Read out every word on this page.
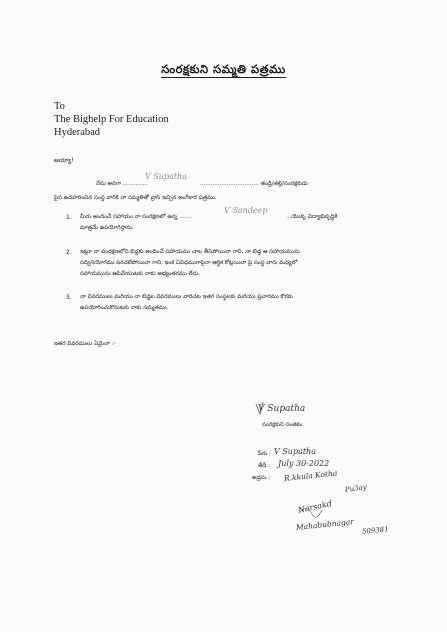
సంరక్షకుని సమ్మతి పత్రము
To
The Bighelp For Education
Hyderabad
అయ్యా!
నేను అనగా ..............
V Supatha
................................. తండ్రి/తల్లి/సంరక్షకుడు
పైన ఉదహరించిన సంస్థ వారికి నా సమ్మతితో వ్రాసి ఇచ్చిన అంగీకార పత్రము.
1. మీరు అందించే సహాయం నా సంరక్షణలో ఉన్న .......
V Sandeep
...యొక్క విద్యాభివృద్ధికి
మాత్రమే ఉపయోగిస్తాను.
2. ఇట్లూ నా పంరక్షణలోని బిడ్డకు అందించే సహాయము చాల తీసిపోయినా గాని, నా బిడ్డ ఆ సహాయమును
సద్వినియోగము పరచలేపోయినా గాని, ఇంక ఏవిధముగాపైనా ఆర్థిక కోట్లయినా పై సంస్థ వారు మధ్యలో
సహాయమును ఆపివేయుటకు నాకు అభ్యంతరము లేదు.
3. నా వివరములు మరియు నా బిడ్డల వివరములు వారిచట ఇతర సంస్థలకు మరియు ప్రచారము కొరకు
ఉపయోగించుకొనుటకు నాకు సమ్మతము.
ఇతర వివరములు ఏమైనా :-
V Supatha
సంరక్షకుని సంతకం
పేరు : V Supatha
తేదీ : July 30-2022
అడ్రసు : R.kkula Kotha
Pu3ay
Narsakd
Mahabubnagar 509381
